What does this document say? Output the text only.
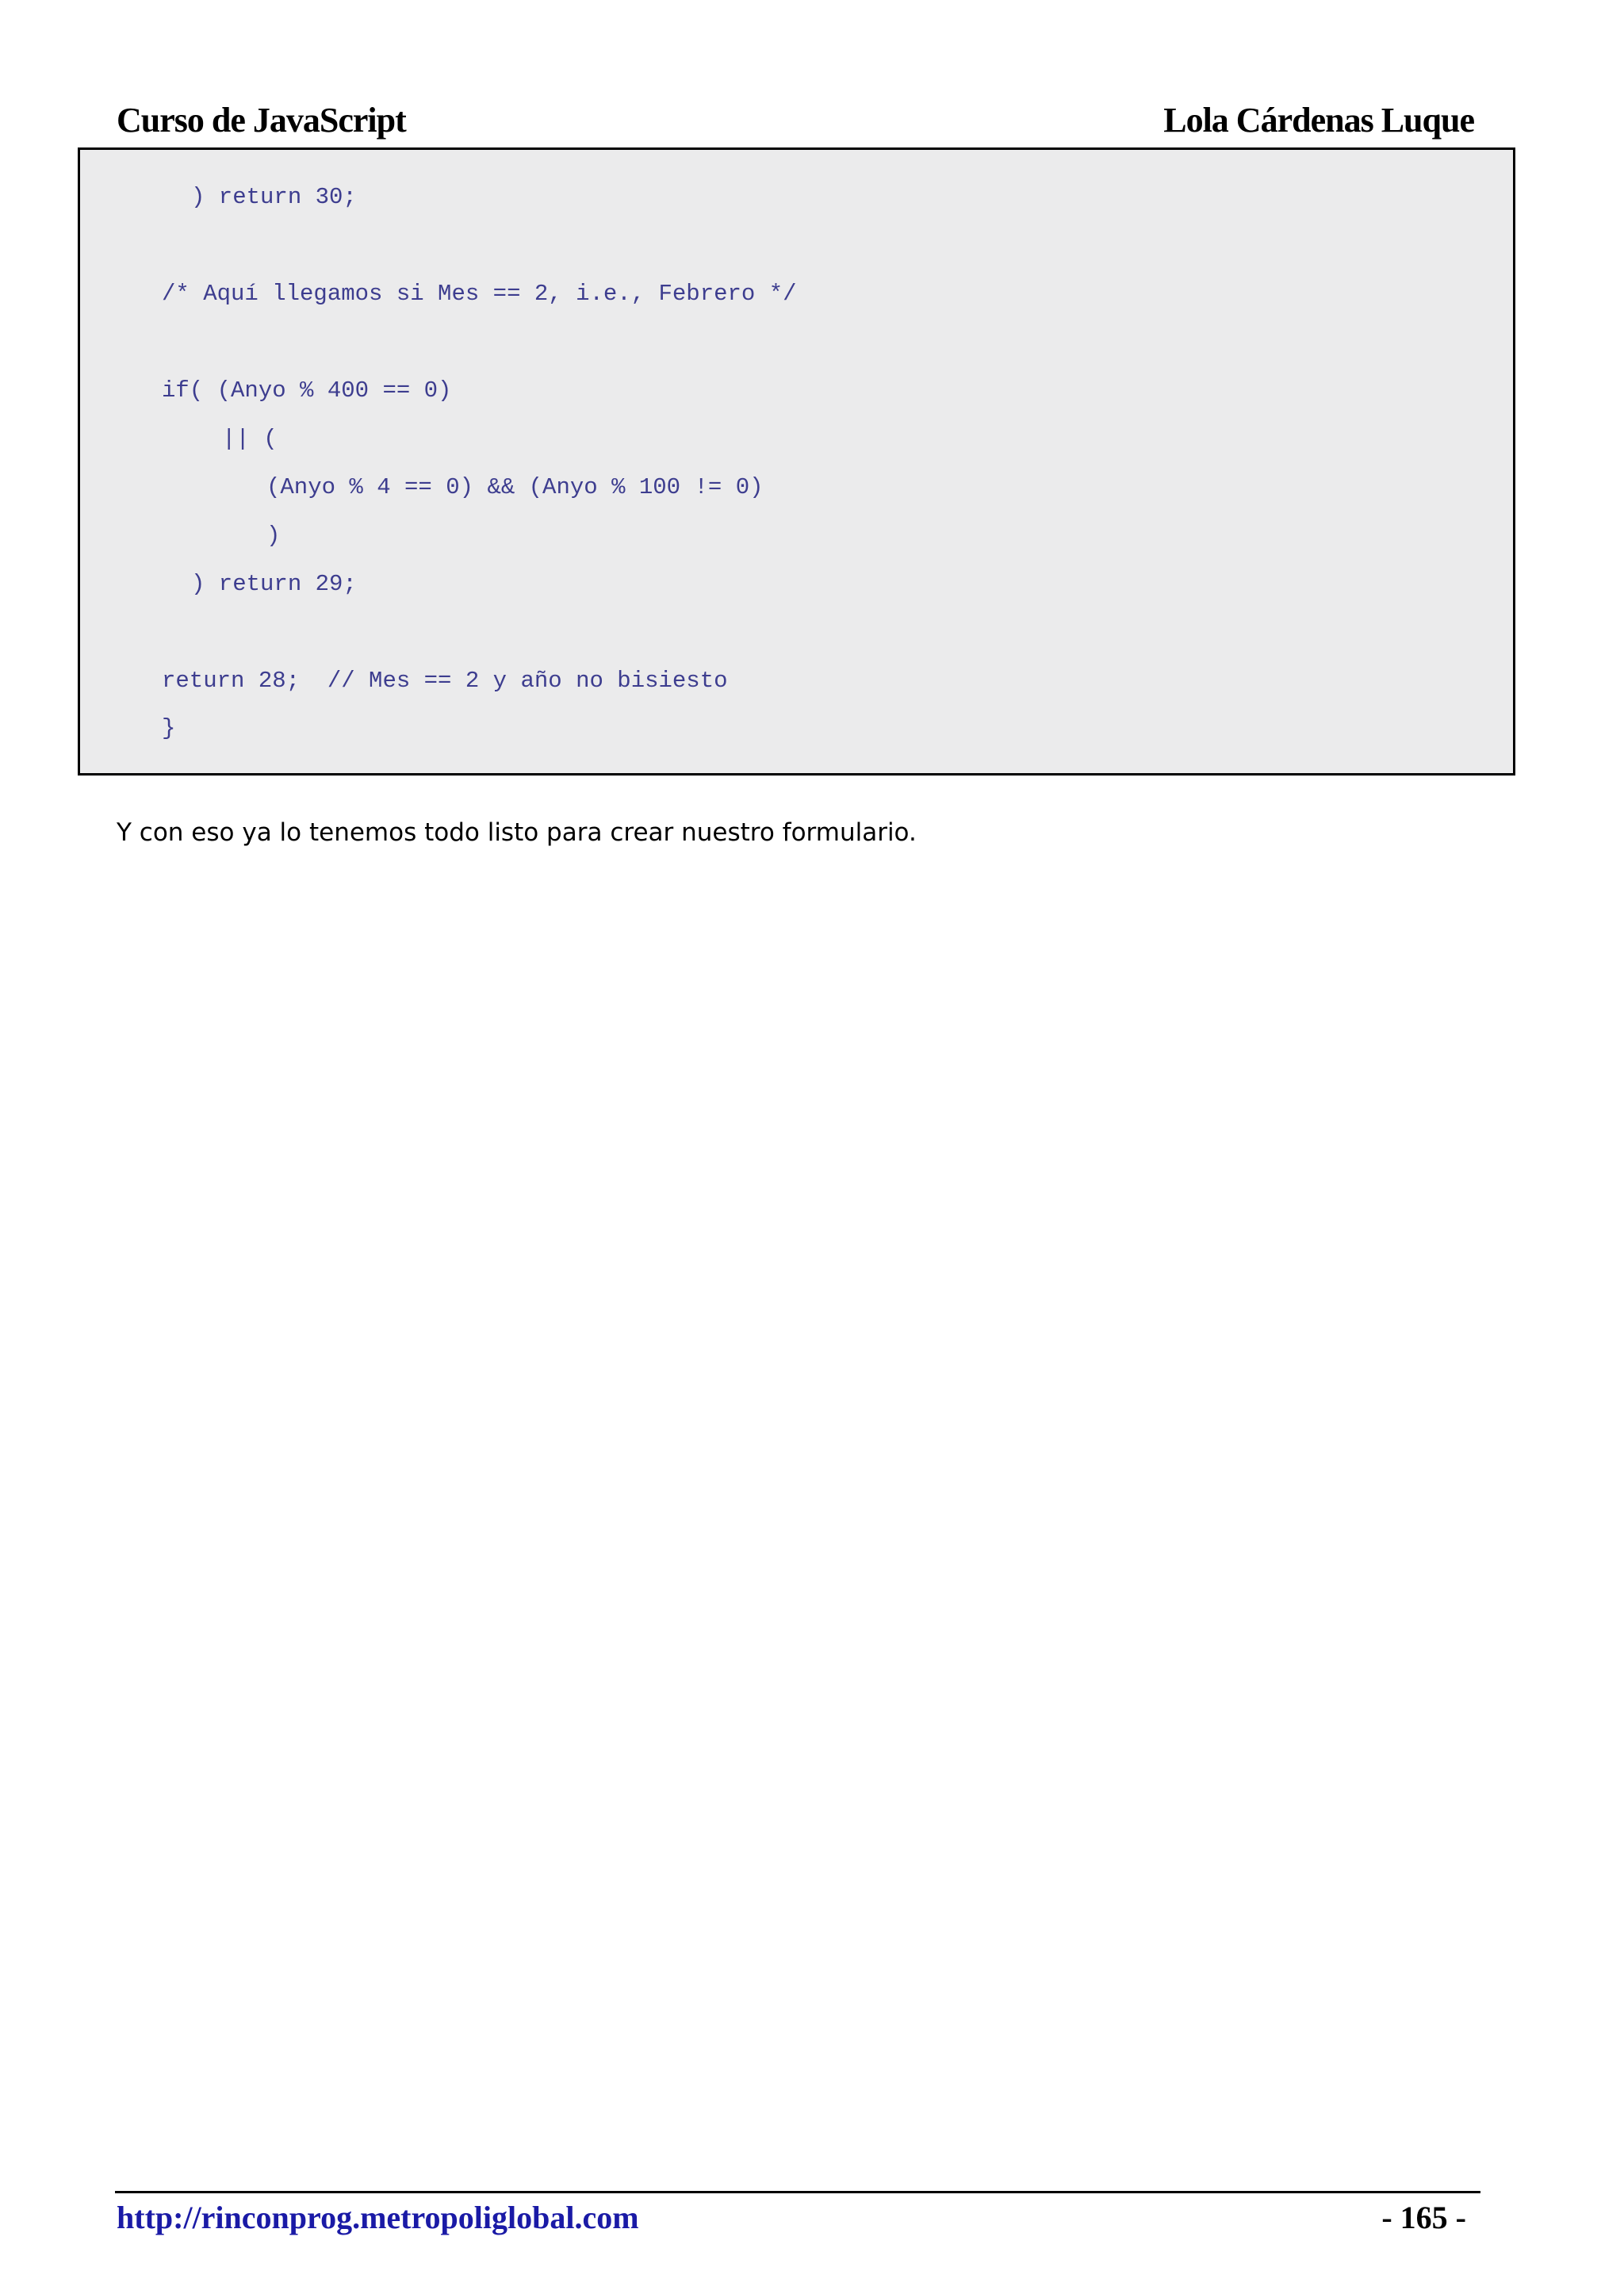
Curso de JavaScript	Lola Cárdenas Luque
) return 30;
/* Aquí llegamos si Mes == 2, i.e., Febrero */
if( (Anyo % 400 == 0)
|| (
(Anyo % 4 == 0) && (Anyo % 100 != 0)
)
) return 29;
return 28;  // Mes == 2 y año no bisiesto
}

Y con eso ya lo tenemos todo listo para crear nuestro formulario.

http://rinconprog.metropoliglobal.com	- 165 -
